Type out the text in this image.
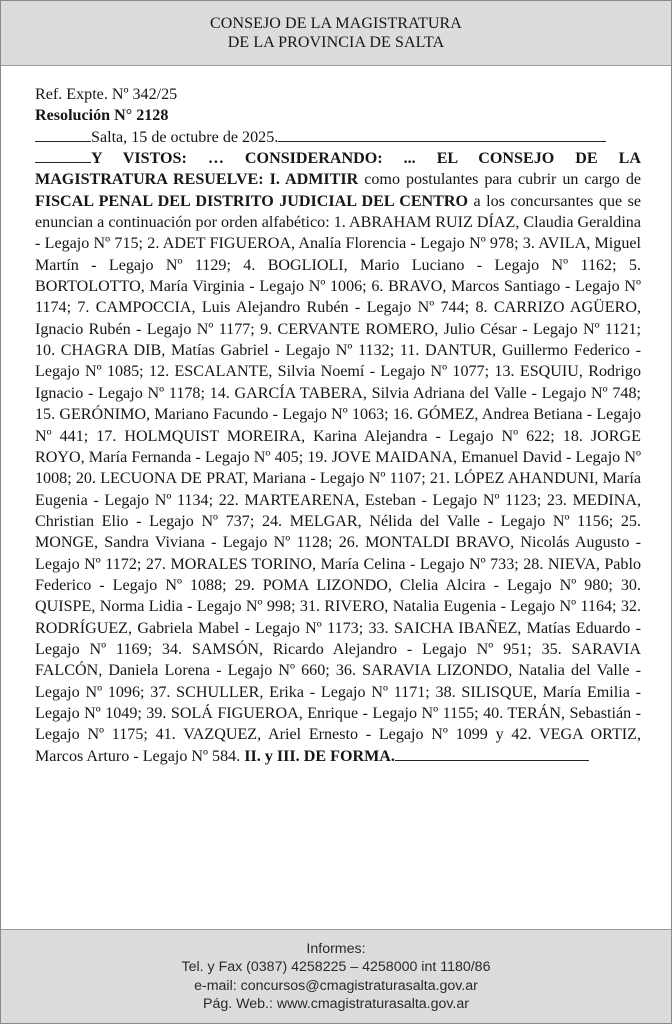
CONSEJO DE LA MAGISTRATURA
DE LA PROVINCIA DE SALTA
Ref. Expte. Nº 342/25
Resolución N° 2128
Salta, 15 de octubre de 2025.
Y VISTOS: … CONSIDERANDO: ... EL CONSEJO DE LA MAGISTRATURA RESUELVE: I. ADMITIR como postulantes para cubrir un cargo de FISCAL PENAL DEL DISTRITO JUDICIAL DEL CENTRO a los concursantes que se enuncian a continuación por orden alfabético: 1. ABRAHAM RUIZ DÍAZ, Claudia Geraldina - Legajo Nº 715; 2. ADET FIGUEROA, Analía Florencia - Legajo Nº 978; 3. AVILA, Miguel Martín - Legajo Nº 1129; 4. BOGLIOLI, Mario Luciano - Legajo Nº 1162; 5. BORTOLOTTO, María Virginia - Legajo Nº 1006; 6. BRAVO, Marcos Santiago - Legajo Nº 1174; 7. CAMPOCCIA, Luis Alejandro Rubén - Legajo Nº 744; 8. CARRIZO AGÜERO, Ignacio Rubén - Legajo Nº 1177; 9. CERVANTE ROMERO, Julio César - Legajo Nº 1121; 10. CHAGRA DIB, Matías Gabriel - Legajo Nº 1132; 11. DANTUR, Guillermo Federico - Legajo Nº 1085; 12. ESCALANTE, Silvia Noemí - Legajo Nº 1077; 13. ESQUIU, Rodrigo Ignacio - Legajo Nº 1178; 14. GARCÍA TABERA, Silvia Adriana del Valle - Legajo Nº 748; 15. GERÓNIMO, Mariano Facundo - Legajo Nº 1063; 16. GÓMEZ, Andrea Betiana - Legajo Nº 441; 17. HOLMQUIST MOREIRA, Karina Alejandra - Legajo Nº 622; 18. JORGE ROYO, María Fernanda - Legajo Nº 405; 19. JOVE MAIDANA, Emanuel David - Legajo Nº 1008; 20. LECUONA DE PRAT, Mariana - Legajo Nº 1107; 21. LÓPEZ AHANDUNI, María Eugenia - Legajo Nº 1134; 22. MARTEARENA, Esteban - Legajo Nº 1123; 23. MEDINA, Christian Elio - Legajo Nº 737; 24. MELGAR, Nélida del Valle - Legajo Nº 1156; 25. MONGE, Sandra Viviana - Legajo Nº 1128; 26. MONTALDI BRAVO, Nicolás Augusto - Legajo Nº 1172; 27. MORALES TORINO, María Celina - Legajo Nº 733; 28. NIEVA, Pablo Federico - Legajo Nº 1088; 29. POMA LIZONDO, Clelia Alcira - Legajo Nº 980; 30. QUISPE, Norma Lidia - Legajo Nº 998; 31. RIVERO, Natalia Eugenia - Legajo Nº 1164; 32. RODRÍGUEZ, Gabriela Mabel - Legajo Nº 1173; 33. SAICHA IBAÑEZ, Matías Eduardo - Legajo Nº 1169; 34. SAMSÓN, Ricardo Alejandro - Legajo Nº 951; 35. SARAVIA FALCÓN, Daniela Lorena - Legajo Nº 660; 36. SARAVIA LIZONDO, Natalia del Valle - Legajo Nº 1096; 37. SCHULLER, Erika - Legajo Nº 1171; 38. SILISQUE, María Emilia - Legajo Nº 1049; 39. SOLÁ FIGUEROA, Enrique - Legajo Nº 1155; 40. TERÁN, Sebastián - Legajo Nº 1175; 41. VAZQUEZ, Ariel Ernesto - Legajo Nº 1099 y 42. VEGA ORTIZ, Marcos Arturo - Legajo Nº 584. II. y III. DE FORMA.
Informes:
Tel. y Fax (0387) 4258225 – 4258000 int 1180/86
e-mail: concursos@cmagistraturasalta.gov.ar
Pág. Web.: www.cmagistraturasalta.gov.ar
